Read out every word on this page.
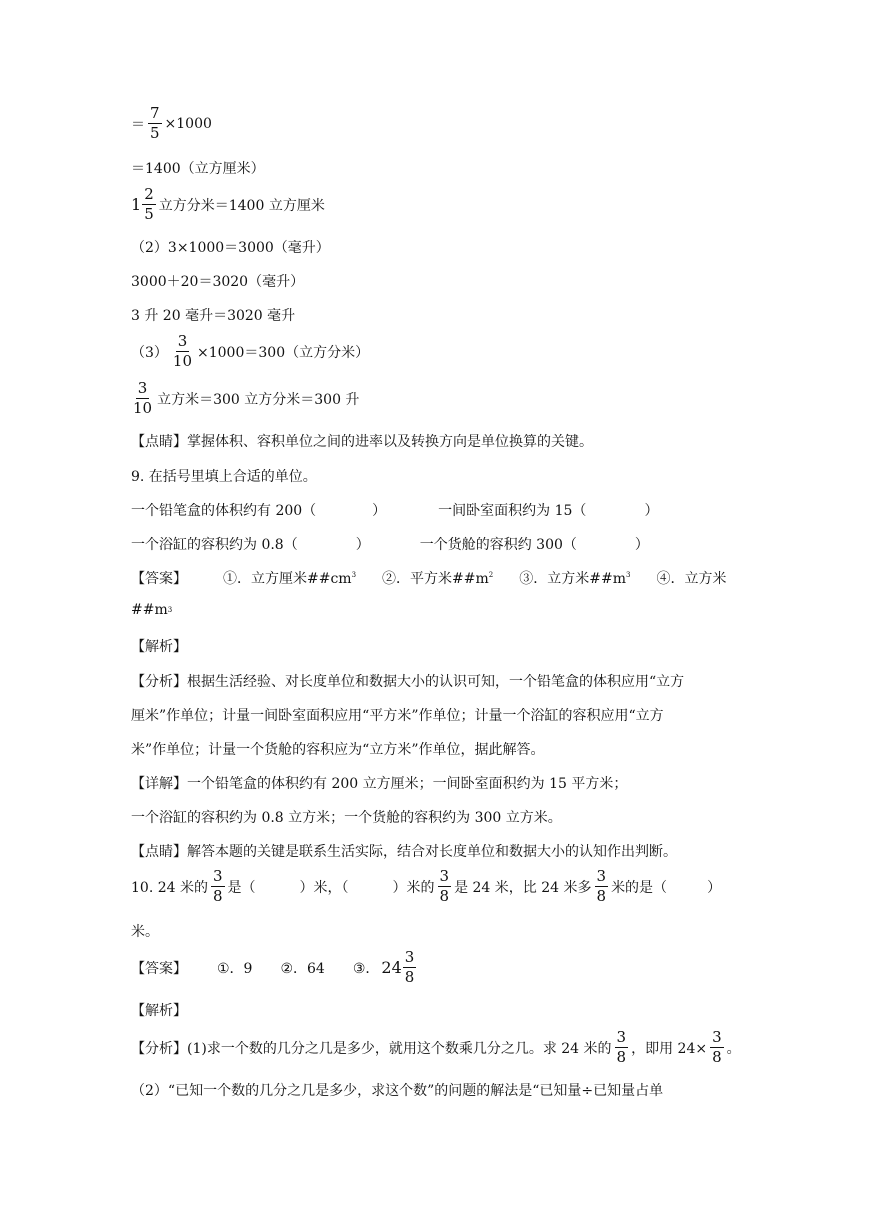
＝ $\frac{7}{5} \times 1000$
＝1400（立方厘米）
$1 \frac{2}{5}$ 立方分米＝1400 立方厘米
（2）3×1000＝3000（毫升）
3000＋20＝3020（毫升）
3 升 20 毫升＝3020 毫升
$(3) \frac{3}{10} \times 1000=300$（立方分米）
$\frac{3}{10}$ 立方米＝300 立方分米＝300 升
【点睛】掌握体积、容积单位之间的进率以及转换方向是单位换算的关键。
9. 在括号里填上合适的单位。
一个铅笔盒的体积约有 200（	）	一间卧室面积约为 15（	）
一个浴缸的容积约为 0.8（	）	一个货舱的容积约 300（	）
【答案】	①．立方厘米$\#\#cm^3$ ②．平方米$\#\#m^2$ ③．立方米$\#\#m^3$ ④．立方米
##m 3
【解析】
【分析】根据生活经验、对长度单位和数据大小的认识可知，一个铅笔盒的体积应用“立方
厘米”作单位；计量一间卧室面积应用“平方米”作单位；计量一个浴缸的容积应用“立方
米”作单位；计量一个货舱的容积应为“立方米”作单位，据此解答。
【详解】一个铅笔盒的体积约有 200 立方厘米；一间卧室面积约为 15 平方米；
一个浴缸的容积约为 0.8 立方米；一个货舱的容积约为 300 立方米。
【点睛】解答本题的关键是联系生活实际，结合对长度单位和数据大小的认知作出判断。
10. 24 米的 $\frac{3}{8}$ 是（	）米，（	）米的 $\frac{3}{8}$ 是 24 米，比 24 米多 $\frac{3}{8}$ 米的是（	）
米。
【答案】 ①．9 ②．64 ③． $24 \frac{3}{8}$
【解析】
【分析】(1)求一个数的几分之几是多少，就用这个数乘几分之几。求 24 米的 $\frac{3}{8}$ ，即用 $24\times \frac{3}{8}$ 。
（2）“已知一个数的几分之几是多少，求这个数”的问题的解法是“已知量÷已知量占单
